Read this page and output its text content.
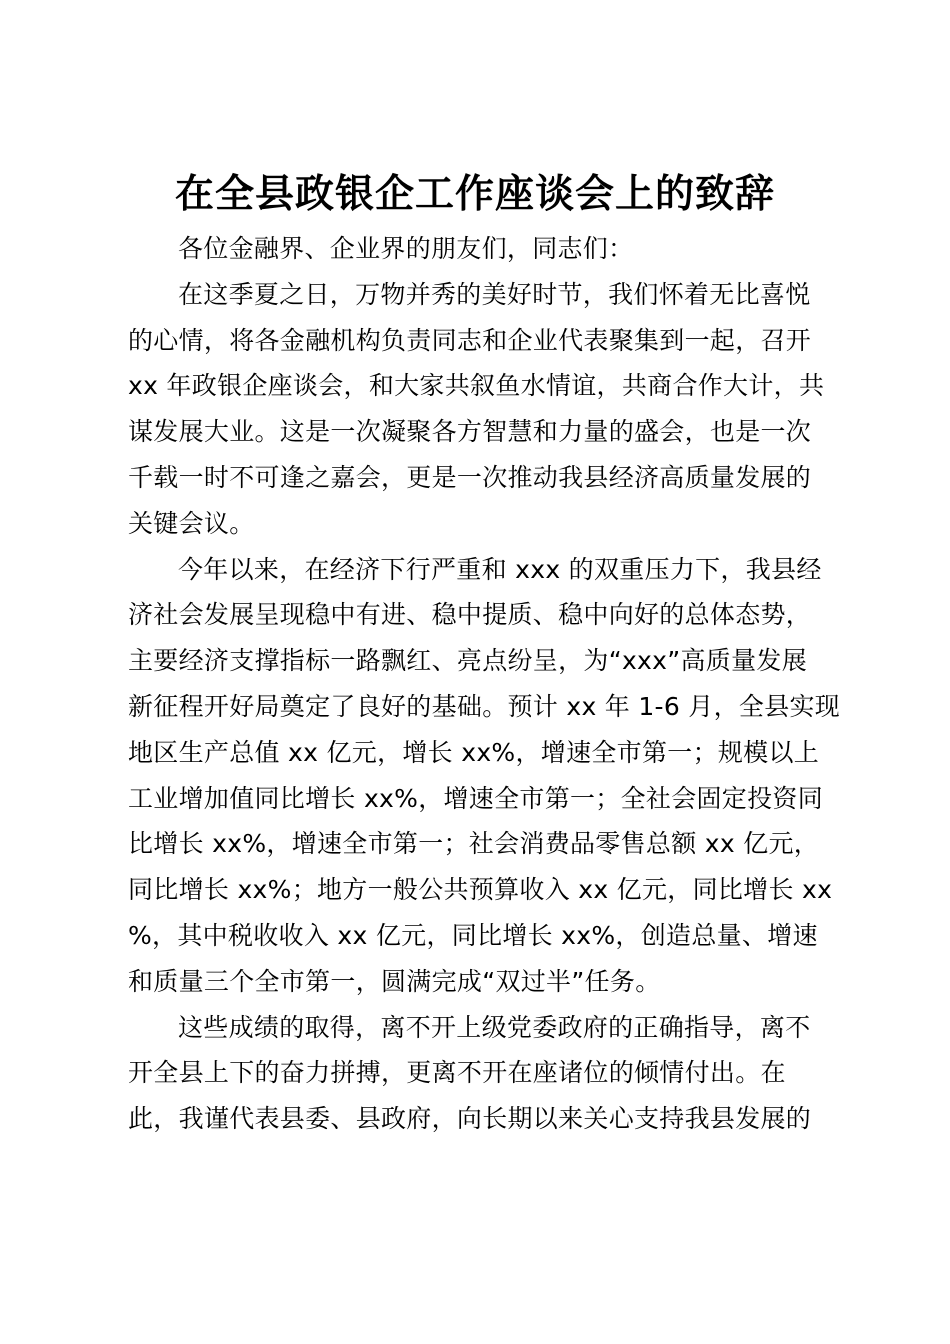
在全县政银企工作座谈会上的致辞
各位金融界、企业界的朋友们，同志们：
在这季夏之日，万物并秀的美好时节，我们怀着无比喜悦
的心情，将各金融机构负责同志和企业代表聚集到一起，召开
xx 年政银企座谈会，和大家共叙鱼水情谊，共商合作大计，共
谋发展大业。这是一次凝聚各方智慧和力量的盛会，也是一次
千载一时不可逢之嘉会，更是一次推动我县经济高质量发展的
关键会议。
今年以来，在经济下行严重和 xxx 的双重压力下，我县经
济社会发展呈现稳中有进、稳中提质、稳中向好的总体态势，
主要经济支撑指标一路飘红、亮点纷呈，为“xxx”高质量发展
新征程开好局奠定了良好的基础。预计 xx 年 1-6 月，全县实现
地区生产总值 xx 亿元，增长 xx%，增速全市第一；规模以上
工业增加值同比增长 xx%，增速全市第一；全社会固定投资同
比增长 xx%，增速全市第一；社会消费品零售总额 xx 亿元，
同比增长 xx%；地方一般公共预算收入 xx 亿元，同比增长 xx
%，其中税收收入 xx 亿元，同比增长 xx%，创造总量、增速
和质量三个全市第一，圆满完成“双过半”任务。
这些成绩的取得，离不开上级党委政府的正确指导，离不
开全县上下的奋力拼搏，更离不开在座诸位的倾情付出。在
此，我谨代表县委、县政府，向长期以来关心支持我县发展的
